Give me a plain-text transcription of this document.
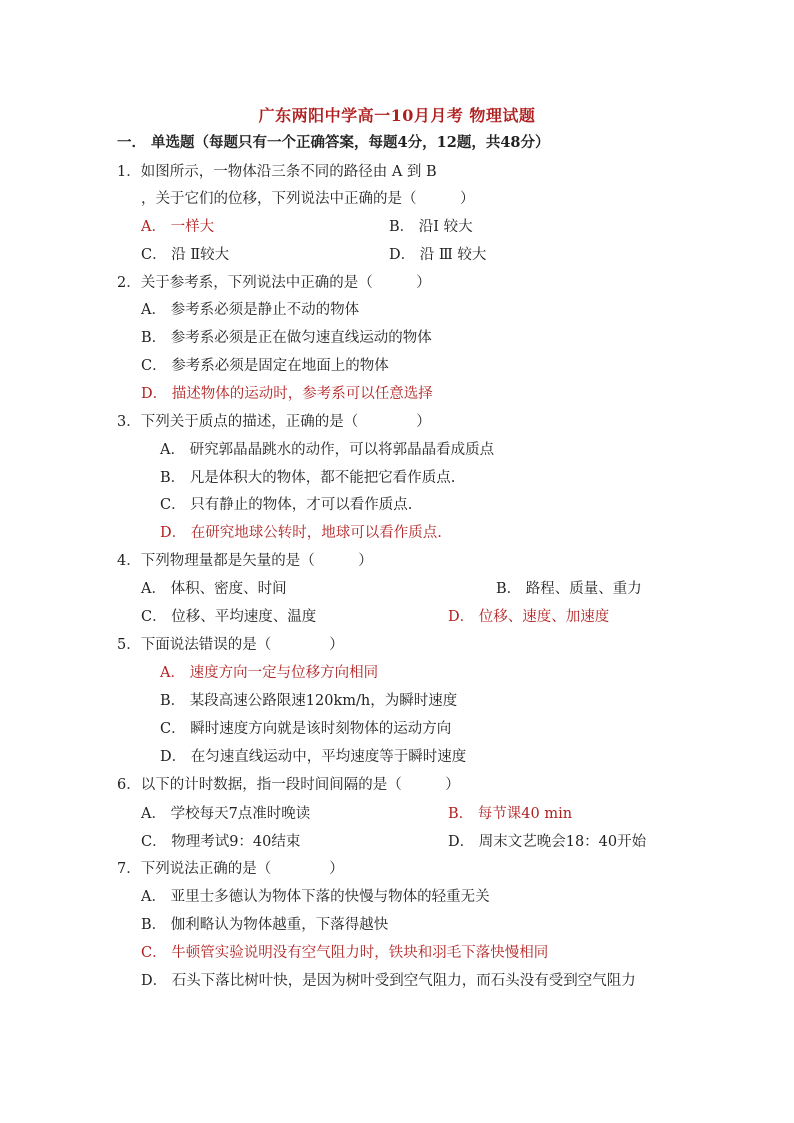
广东两阳中学高一10月月考 物理试题
一． 单选题（每题只有一个正确答案，每题4分，12题，共48分）
1．如图所示，一物体沿三条不同的路径由 A 到 B
，关于它们的位移，下列说法中正确的是（　　　）
A． 一样大	B． 沿Ⅰ 较大
C． 沿 Ⅱ较大	D． 沿 Ⅲ 较大
2．关于参考系，下列说法中正确的是（　　　）
A． 参考系必须是静止不动的物体
B． 参考系必须是正在做匀速直线运动的物体
C． 参考系必须是固定在地面上的物体
D． 描述物体的运动时，参考系可以任意选择
3．下列关于质点的描述，正确的是（　　　　）
A． 研究郭晶晶跳水的动作，可以将郭晶晶看成质点
B． 凡是体积大的物体，都不能把它看作质点.
C． 只有静止的物体，才可以看作质点.
D． 在研究地球公转时，地球可以看作质点.
4．下列物理量都是矢量的是（　　　）
A． 体积、密度、时间	B． 路程、质量、重力
C． 位移、平均速度、温度	D． 位移、速度、加速度
5．下面说法错误的是（　　　　）
A． 速度方向一定与位移方向相同
B． 某段高速公路限速120km/h，为瞬时速度
C． 瞬时速度方向就是该时刻物体的运动方向
D． 在匀速直线运动中，平均速度等于瞬时速度
6．以下的计时数据，指一段时间间隔的是（　　　）
A． 学校每天7点准时晚读	B． 每节课40 min
C． 物理考试9：40结束	D． 周末文艺晚会18：40开始
7．下列说法正确的是（　　　　）
A． 亚里士多德认为物体下落的快慢与物体的轻重无关
B． 伽利略认为物体越重，下落得越快
C． 牛顿管实验说明没有空气阻力时，铁块和羽毛下落快慢相同
D． 石头下落比树叶快，是因为树叶受到空气阻力，而石头没有受到空气阻力
